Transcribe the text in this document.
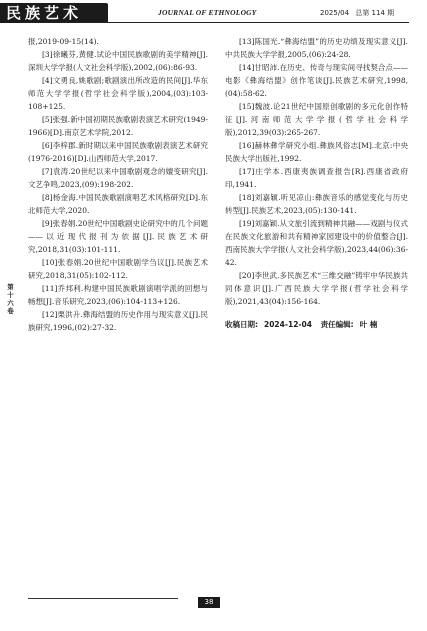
民族艺术	JOURNAL OF ETHNOLOGY	2025/04 总第 114 期
第
十
六
卷

报,2019-09-15(14).

[3]徐曦芬,黄健.试论中国民族歌剧的美学精神[J].深圳大学学报(人文社会科学版),2002,(06):86-93.

[4]文勇良,姚歌剧;歌剧演出所改造的民间[J].华东师范大学学报(哲学社会科学版),2004,(03):103-108+125.

[5]张强.新中国初期民族歌剧表演艺术研究(1949-1966)[D].南京艺术学院,2012.

[6]李梓郡.新时期以来中国民族歌剧表演艺术研究(1976-2016)[D].山西师范大学,2017.

[7]袁涛.20世纪以来中国歌剧观念的嬗变研究[J].文艺争鸣,2023,(09):198-202.

[8]杨金海.中国民族歌剧演唱艺术风格研究[D].东北师范大学,2020.

[9]张春娟.20世纪中国歌剧史论研究中的几个问题——以近现代报刊为依据[J].民族艺术研究,2018,31(03):101-111.

[10]张春娟.20世纪中国歌剧学刍议[J].民族艺术研究,2018,31(05):102-112.

[11]乔邦利.构建中国民族歌剧演唱学派的回想与畅想[J].音乐研究,2023,(06):104-113+126.

[12]栗洪升.彝海结盟的历史作用与现实意义[J].民族研究,1996,(02):27-32.

[13]陈国光.“彝海结盟”的历史功绩及现实意义[J].中共民族大学学报,2005,(06):24-28.

[14]甘昭沛.在历史、传奇与现实间寻找契合点——电影《彝海结盟》创作笔谈[J].民族艺术研究,1998,(04):58-62.

[15]魏波.论21世纪中国原创歌剧的多元化创作特征[J].河南师范大学学报(哲学社会科学版),2012,39(03):265-267.

[16]赫林彝学研究小组.彝族风俗志[M].北京:中央民族大学出版社,1992.

[17]庄学本.西康夷族调查报告[R].西康省政府印,1941.

[18]刘嘉颖.听见凉山:彝族音乐的感觉变化与历史转型[J].民族艺术,2023,(05):130-141.

[19]刘嘉颖.从文旅引流到精神共融——戏剧与仪式在民族文化旅游和共有精神家园建设中的价值整合[J].西南民族大学学报(人文社会科学版),2023,44(06):36-42.

[20]李世武.多民族艺术“三维交融”铸牢中华民族共同体意识[J].广西民族大学学报(哲学社会科学版),2021,43(04):156-164.

收稿日期: 2024-12-04 责任编辑: 叶 楠

38
